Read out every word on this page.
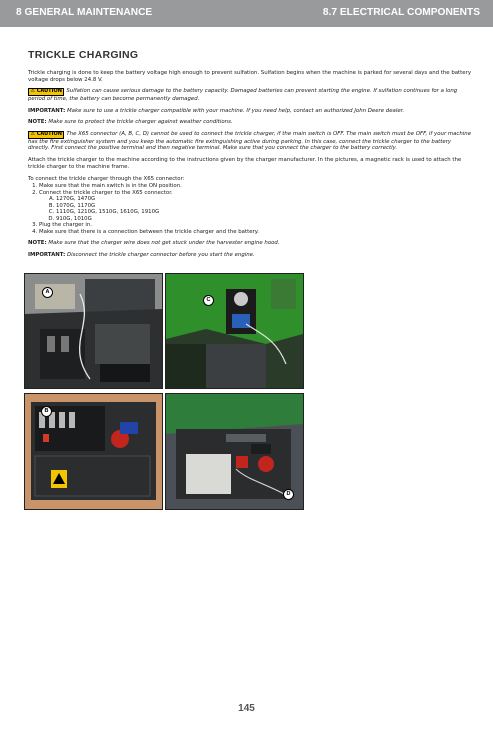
8 GENERAL MAINTENANCE	8.7 ELECTRICAL COMPONENTS
TRICKLE CHARGING

Trickle charging is done to keep the battery voltage high enough to prevent sulfation. Sulfation begins when the machine is parked for several days and the battery voltage drops below 24.8 V.

⚠ CAUTION Sulfation can cause serious damage to the battery capacity. Damaged batteries can prevent starting the engine. If sulfation continues for a long period of time, the battery can become permanently damaged.

IMPORTANT: Make sure to use a trickle charger compatible with your machine. If you need help, contact an authorized John Deere dealer.

NOTE: Make sure to protect the trickle charger against weather conditions.

⚠ CAUTION The X65 connector (A, B, C, D) cannot be used to connect the trickle charger, if the main switch is OFF. The main switch must be OFF, if your machine has the fire extinguisher system and you keep the automatic fire extinguishing active during parking. In this case, connect the trickle charger to the battery directly. First connect the positive terminal and then negative terminal. Make sure that you connect the charger to the battery correctly.

Attach the trickle charger to the machine according to the instructions given by the charger manufacturer. In the pictures, a magnetic rack is used to attach the trickle charger to the machine frame.

To connect the trickle charger through the X65 connector:

1. Make sure that the main switch is in the ON position.
2. Connect the trickle charger to the X65 connector.
A. 1270G, 1470G
B. 1070G, 1170G
C. 1110G, 1210G, 1510G, 1610G, 1910G
D. 910G, 1010G
3. Plug the charger in.
4. Make sure that there is a connection between the trickle charger and the battery.

NOTE: Make sure that the charger wire does not get stuck under the harvester engine hood.

IMPORTANT: Disconnect the trickle charger connector before you start the engine.

A
C
B
D
145
